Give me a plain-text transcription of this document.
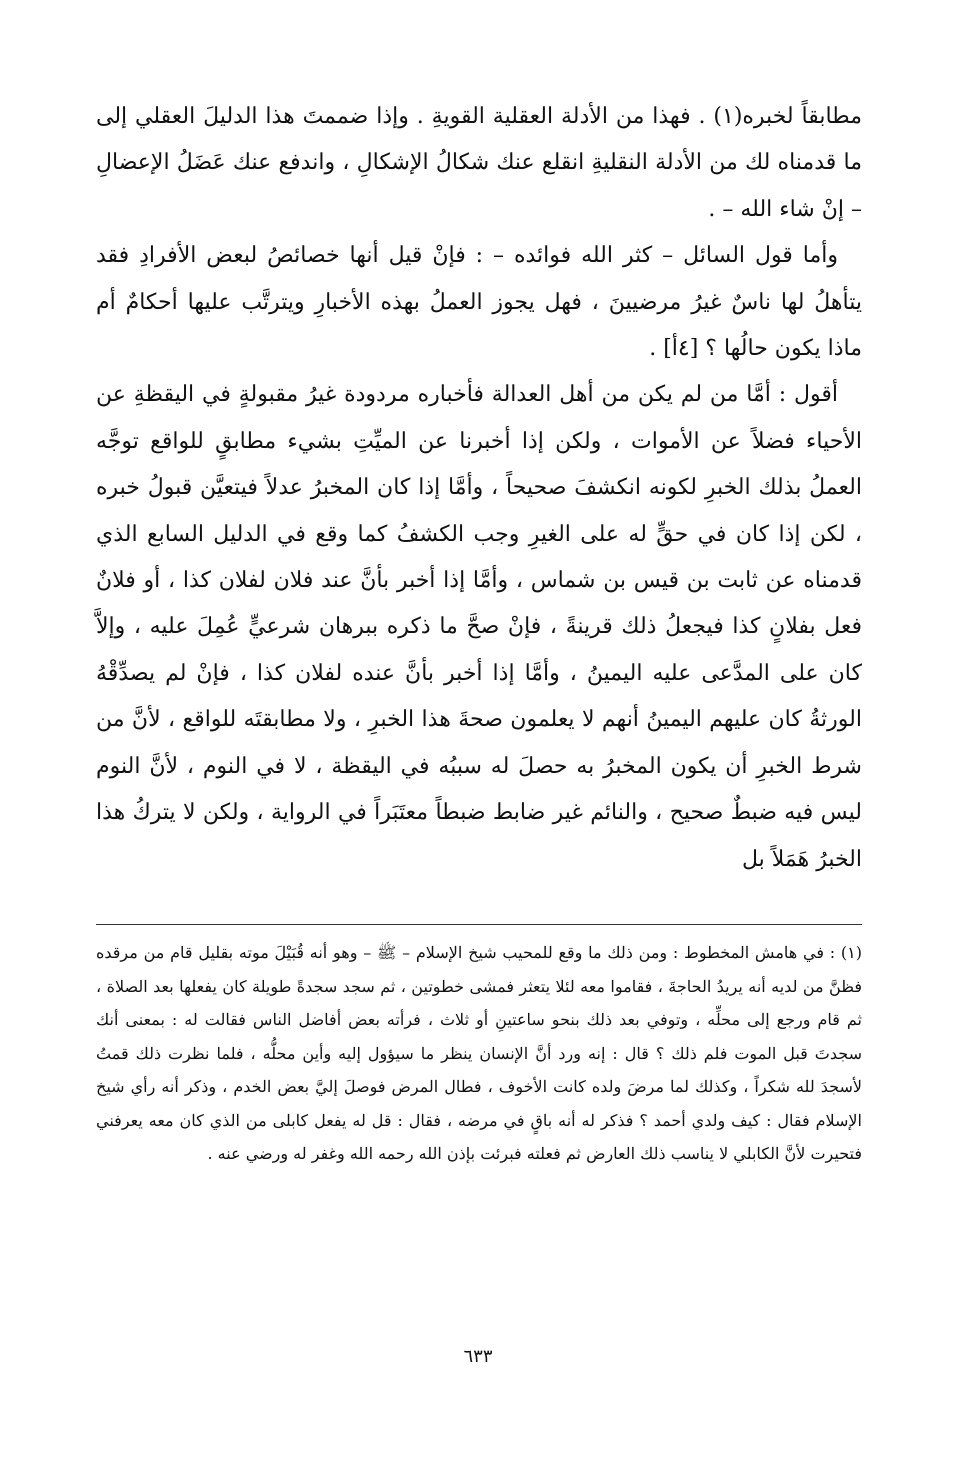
مطابقاً لخبره(١) . فهذا من الأدلة العقلية القويةِ . وإذا ضممتَ هذا الدليلَ العقلي إلى ما قدمناه لك من الأدلة النقليةِ انقلع عنك شكالُ الإشكالِ ، واندفع عنك عَضَلُ الإعضالِ – إنْ شاء الله – .

وأما قول السائل – كثر الله فوائده – : فإنْ قيل أنها خصائصُ لبعض الأفرادِ فقد يتأهلُ لها ناسٌ غيرُ مرضيينَ ، فهل يجوز العملُ بهذه الأخبارِ ويترتَّب عليها أحكامٌ أم ماذا يكون حالُها ؟ [٤أ] .

أقول : أمَّا من لم يكن من أهل العدالة فأخباره مردودة غيرُ مقبولةٍ في اليقظةِ عن الأحياء فضلاً عن الأموات ، ولكن إذا أخبرنا عن الميِّتِ بشيء مطابقٍ للواقع توجَّه العملُ بذلك الخبرِ لكونه انكشفَ صحيحاً ، وأمَّا إذا كان المخبرُ عدلاً فيتعيَّن قبولُ خبره ، لكن إذا كان في حقٍّ له على الغيرِ وجب الكشفُ كما وقع في الدليل السابع الذي قدمناه عن ثابت بن قيس بن شماس ، وأمَّا إذا أخبر بأنَّ عند فلان لفلان كذا ، أو فلانٌ فعل بفلانٍ كذا فيجعلُ ذلك قرينةً ، فإنْ صحَّ ما ذكره ببرهان شرعيٍّ عُمِلَ عليه ، وإلاَّ كان على المدَّعى عليه اليمينُ ، وأمَّا إذا أخبر بأنَّ عنده لفلان كذا ، فإنْ لم يصدِّقْهُ الورثةُ كان عليهم اليمينُ أنهم لا يعلمون صحةَ هذا الخبرِ ، ولا مطابقتَه للواقع ، لأنَّ من شرط الخبرِ أن يكون المخبرُ به حصلَ له سببُه في اليقظة ، لا في النوم ، لأنَّ النوم ليس فيه ضبطٌ صحيح ، والنائم غير ضابط ضبطاً معتَبَراً في الرواية ، ولكن لا يتركُ هذا الخبرُ هَمَلاً بل

(١) : في هامش المخطوط : ومن ذلك ما وقع للمحيب شيخ الإسلام – ﷺ – وهو أنه قُبَيْلَ موته بقليل قام من مرقده فظنَّ من لديه أنه يريدُ الحاجةَ ، فقاموا معه لئلا يتعثر فمشى خطوتين ، ثم سجد سجدةً طويلة كان يفعلها بعد الصلاة ، ثم قام ورجع إلى محلِّه ، وتوفي بعد ذلك بنحو ساعتينِ أو ثلاث ، فرأته بعض أفاضل الناس فقالت له : بمعنى أنك سجدتَ قبل الموت فلم ذلك ؟ قال : إنه ورد أنَّ الإنسان ينظر ما سيؤول إليه وأين محلُّه ، فلما نظرت ذلك قمتُ لأسجدَ لله شكراً ، وكذلك لما مرضَ ولده كانت الأخوف ، فطال المرض فوصلَ إليَّ بعض الخدم ، وذكر أنه رأي شيخ الإسلام فقال : كيف ولدي أحمد ؟ فذكر له أنه باقٍ في مرضه ، فقال : قل له يفعل كابلى من الذي كان معه يعرفني فتحيرت لأنَّ الكابلي لا يناسب ذلك العارض ثم فعلته فبرئت بإذن الله رحمه الله وغفر له ورضي عنه .

٦٣٣
